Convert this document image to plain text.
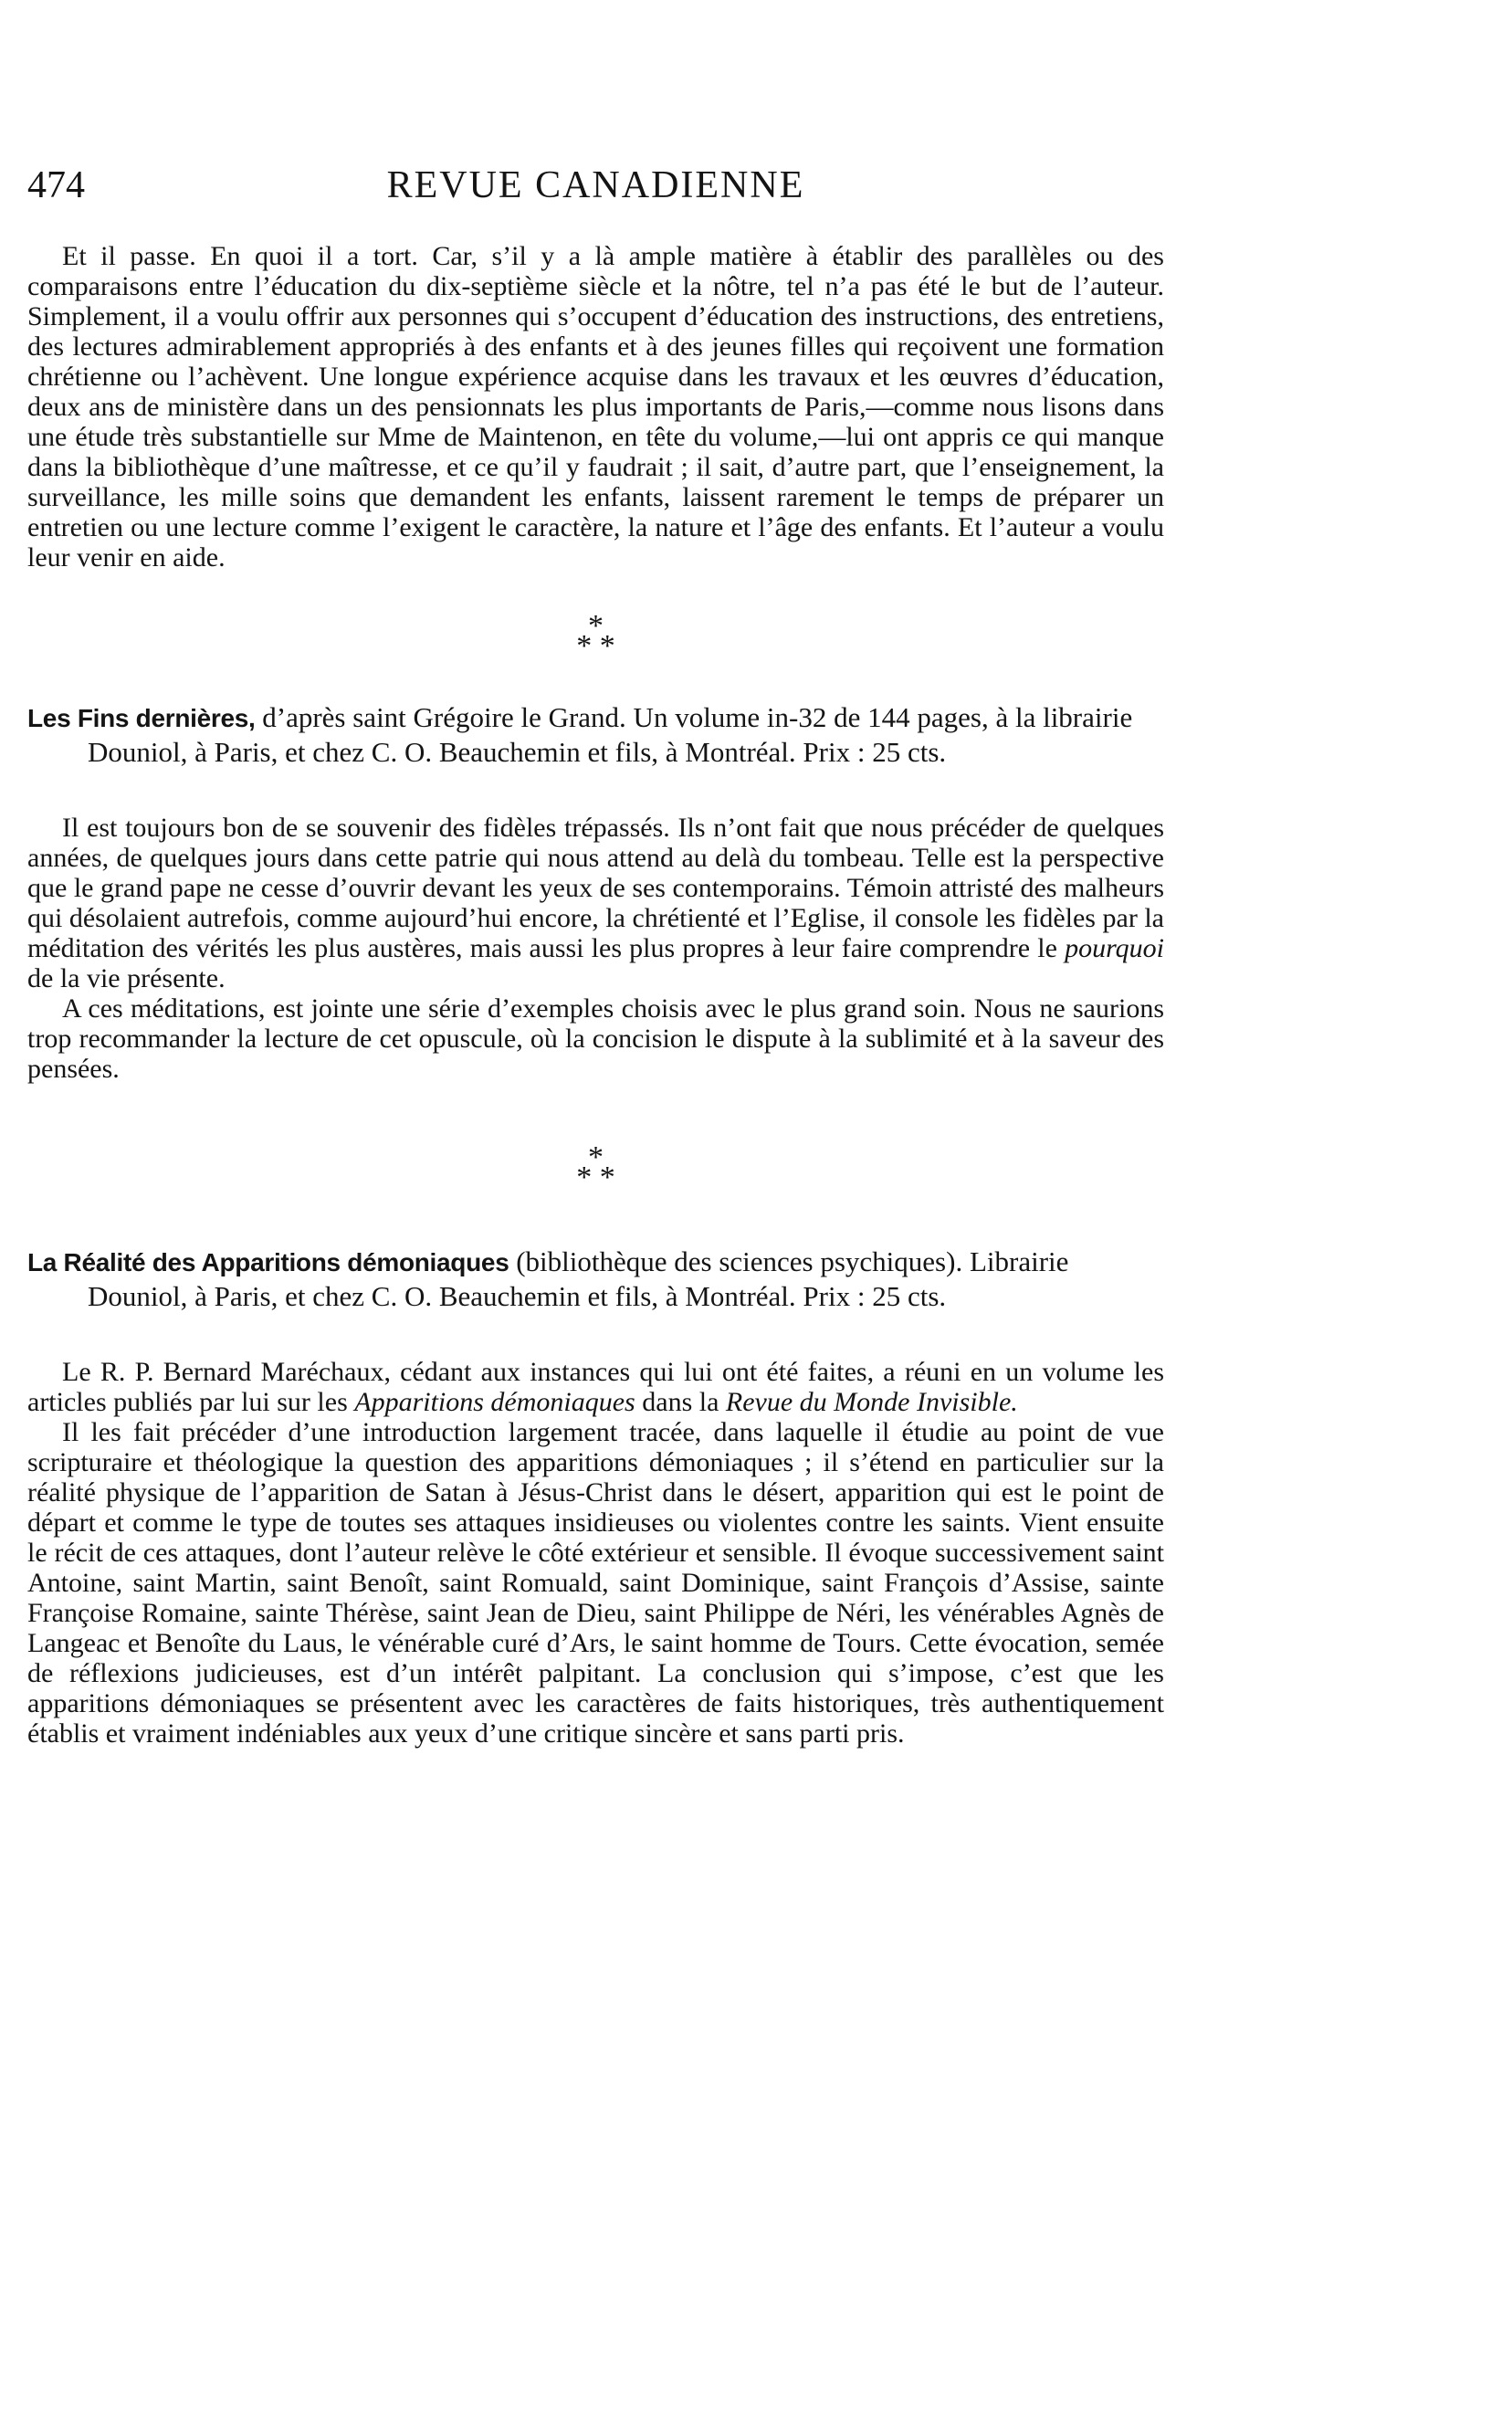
474	REVUE CANADIENNE

Et il passe. En quoi il a tort. Car, s’il y a là ample matière à établir des parallèles ou des comparaisons entre l’éducation du dix-septième siècle et la nôtre, tel n’a pas été le but de l’auteur. Simplement, il a voulu offrir aux personnes qui s’occupent d’éducation des instructions, des entretiens, des lectures admirablement appropriés à des enfants et à des jeunes filles qui reçoivent une formation chrétienne ou l’achèvent. Une longue expérience acquise dans les travaux et les œuvres d’éducation, deux ans de ministère dans un des pensionnats les plus importants de Paris,—comme nous lisons dans une étude très substantielle sur Mme de Maintenon, en tête du volume,—lui ont appris ce qui manque dans la bibliothèque d’une maîtresse, et ce qu’il y faudrait ; il sait, d’autre part, que l’enseignement, la surveillance, les mille soins que demandent les enfants, laissent rarement le temps de préparer un entretien ou une lecture comme l’exigent le caractère, la nature et l’âge des enfants. Et l’auteur a voulu leur venir en aide.

*
* *
Les Fins dernières, d’après saint Grégoire le Grand. Un volume in-32 de 144 pages, à la librairie Douniol, à Paris, et chez C. O. Beauchemin et fils, à Montréal. Prix : 25 cts.

Il est toujours bon de se souvenir des fidèles trépassés. Ils n’ont fait que nous précéder de quelques années, de quelques jours dans cette patrie qui nous attend au delà du tombeau. Telle est la perspective que le grand pape ne cesse d’ouvrir devant les yeux de ses contemporains. Témoin attristé des malheurs qui désolaient autrefois, comme aujourd’hui encore, la chrétienté et l’Eglise, il console les fidèles par la méditation des vérités les plus austères, mais aussi les plus propres à leur faire comprendre le pourquoi de la vie présente.

A ces méditations, est jointe une série d’exemples choisis avec le plus grand soin. Nous ne saurions trop recommander la lecture de cet opuscule, où la concision le dispute à la sublimité et à la saveur des pensées.

*
* *
La Réalité des Apparitions démoniaques (bibliothèque des sciences psychiques). Librairie Douniol, à Paris, et chez C. O. Beauchemin et fils, à Montréal. Prix : 25 cts.

Le R. P. Bernard Maréchaux, cédant aux instances qui lui ont été faites, a réuni en un volume les articles publiés par lui sur les Apparitions démoniaques dans la Revue du Monde Invisible.

Il les fait précéder d’une introduction largement tracée, dans laquelle il étudie au point de vue scripturaire et théologique la question des apparitions démoniaques ; il s’étend en particulier sur la réalité physique de l’apparition de Satan à Jésus-Christ dans le désert, apparition qui est le point de départ et comme le type de toutes ses attaques insidieuses ou violentes contre les saints. Vient ensuite le récit de ces attaques, dont l’auteur relève le côté extérieur et sensible. Il évoque successivement saint Antoine, saint Martin, saint Benoît, saint Romuald, saint Dominique, saint François d’Assise, sainte Françoise Romaine, sainte Thérèse, saint Jean de Dieu, saint Philippe de Néri, les vénérables Agnès de Langeac et Benoîte du Laus, le vénérable curé d’Ars, le saint homme de Tours. Cette évocation, semée de réflexions judicieuses, est d’un intérêt palpitant. La conclusion qui s’impose, c’est que les apparitions démoniaques se présentent avec les caractères de faits historiques, très authentiquement établis et vraiment indéniables aux yeux d’une critique sincère et sans parti pris.
